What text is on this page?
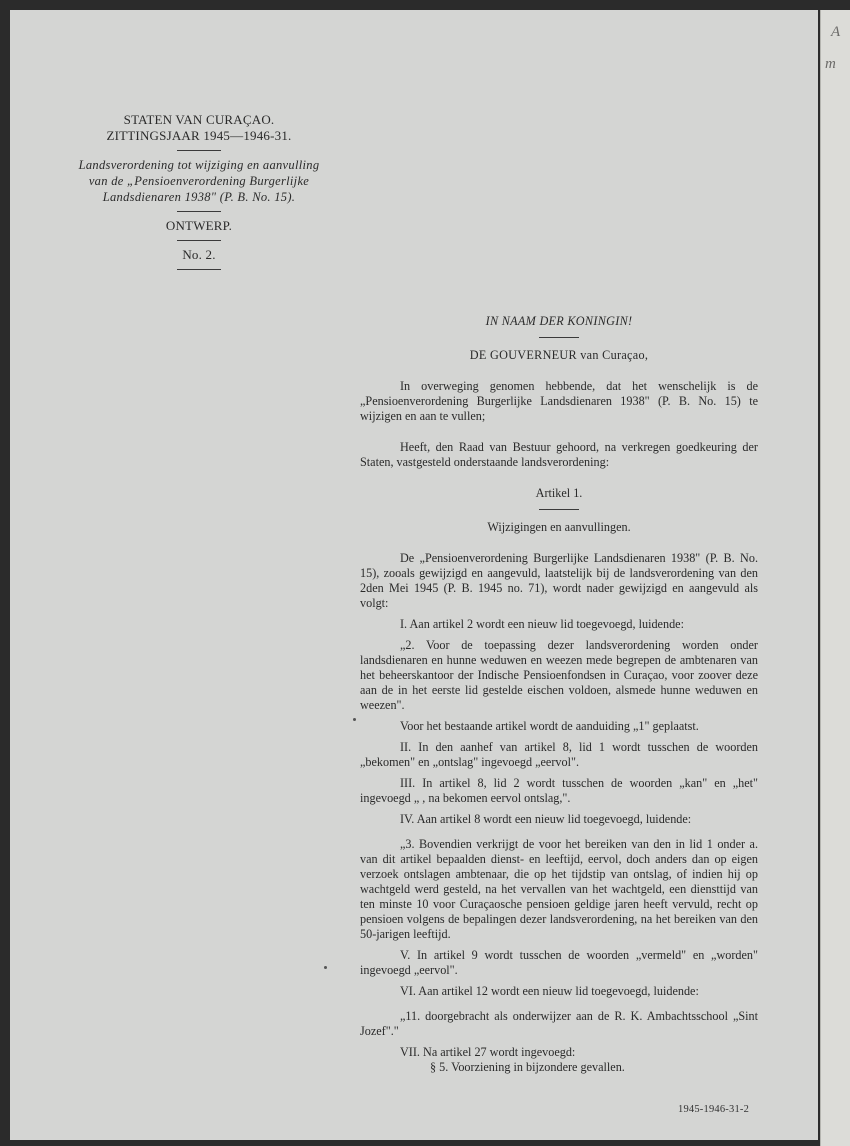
A
m
STATEN VAN CURAÇAO.
ZITTINGSJAAR 1945—1946-31.
Landsverordening tot wijziging en aanvulling
van de „Pensioenverordening Burgerlijke
Landsdienaren 1938" (P. B. No. 15).
ONTWERP.
No. 2.
IN NAAM DER KONINGIN!
DE GOUVERNEUR van Curaçao,

In overweging genomen hebbende, dat het wenschelijk is de „Pensioenverordening Burgerlijke Landsdienaren 1938" (P. B. No. 15) te wijzigen en aan te vullen;

Heeft, den Raad van Bestuur gehoord, na verkregen goedkeuring der Staten, vastgesteld onderstaande landsverordening:

Artikel 1.
Wijzigingen en aanvullingen.

De „Pensioenverordening Burgerlijke Landsdienaren 1938" (P. B. No. 15), zooals gewijzigd en aangevuld, laatstelijk bij de landsverordening van den 2den Mei 1945 (P. B. 1945 no. 71), wordt nader gewijzigd en aangevuld als volgt:

I. Aan artikel 2 wordt een nieuw lid toegevoegd, luidende:

„2. Voor de toepassing dezer landsverordening worden onder landsdienaren en hunne weduwen en weezen mede begrepen de ambtenaren van het beheerskantoor der Indische Pensioenfondsen in Curaçao, voor zoover deze aan de in het eerste lid gestelde eischen voldoen, alsmede hunne weduwen en weezen".

Voor het bestaande artikel wordt de aanduiding „1" geplaatst.

II. In den aanhef van artikel 8, lid 1 wordt tusschen de woorden „bekomen" en „ontslag" ingevoegd „eervol".

III. In artikel 8, lid 2 wordt tusschen de woorden „kan" en „het" ingevoegd „ , na bekomen eervol ontslag,".

IV. Aan artikel 8 wordt een nieuw lid toegevoegd, luidende:

„3. Bovendien verkrijgt de voor het bereiken van den in lid 1 onder a. van dit artikel bepaalden dienst- en leeftijd, eervol, doch anders dan op eigen verzoek ontslagen ambtenaar, die op het tijdstip van ontslag, of indien hij op wachtgeld werd gesteld, na het vervallen van het wachtgeld, een diensttijd van ten minste 10 voor Curaçaosche pensioen geldige jaren heeft vervuld, recht op pensioen volgens de bepalingen dezer landsverordening, na het bereiken van den 50-jarigen leeftijd.

V. In artikel 9 wordt tusschen de woorden „vermeld" en „worden" ingevoegd „eervol".

VI. Aan artikel 12 wordt een nieuw lid toegevoegd, luidende:

„11. doorgebracht als onderwijzer aan de R. K. Ambachtsschool „Sint Jozef"."

VII. Na artikel 27 wordt ingevoegd:

§ 5. Voorziening in bijzondere gevallen.

1945-1946-31-2
